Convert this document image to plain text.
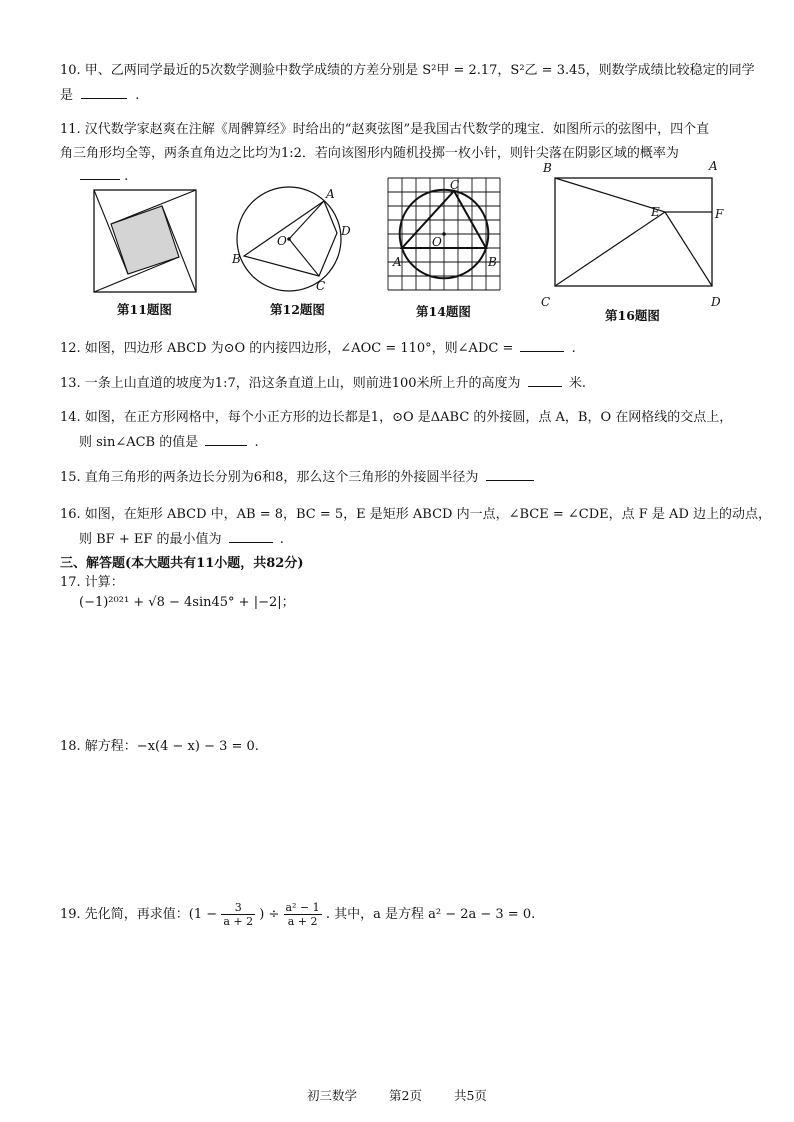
10. 甲、乙两同学最近的5次数学测验中数学成绩的方差分别是 S²甲 = 2.17，S²乙 = 3.45，则数学成绩比较稳定的同学
是	.
11. 汉代数学家赵爽在注解《周髀算经》时给出的“赵爽弦图”是我国古代数学的瑰宝．如图所示的弦图中，四个直
角三角形均全等，两条直角边之比均为1:2．若向该图形内随机投掷一枚小针，则针尖落在阴影区域的概率为
.
第11题图
A
D
C
B
O
第12题图
C
O
A	B
第14题图
B	A
E	F
C	D
第16题图
12. 如图，四边形 ABCD 为⊙O 的内接四边形，∠AOC = 110°，则∠ADC =	.
13. 一条上山直道的坡度为1:7，沿这条直道上山，则前进100米所上升的高度为	米.
14. 如图，在正方形网格中，每个小正方形的边长都是1，⊙O 是ΔABC 的外接圆，点 A，B，O 在网格线的交点上，
则 sin∠ACB 的值是	.
15. 直角三角形的两条边长分别为6和8，那么这个三角形的外接圆半径为
16. 如图，在矩形 ABCD 中，AB = 8，BC = 5，E 是矩形 ABCD 内一点，∠BCE = ∠CDE，点 F 是 AD 边上的动点，
则 BF + EF 的最小值为	.
三、解答题(本大题共有11小题，共82分)
17. 计算：
(−1)²⁰²¹ + √8 − 4sin45° + |−2|；
18. 解方程：−x(4 − x) − 3 = 0.
19. 先化简，再求值：($1 - \frac{3}{a + 2}$ ) ÷ $\frac{\text{a² − 1}}{a + 2}$ . 其中，a 是方程 a² − 2a − 3 = 0.
初三数学	第2页	共5页
